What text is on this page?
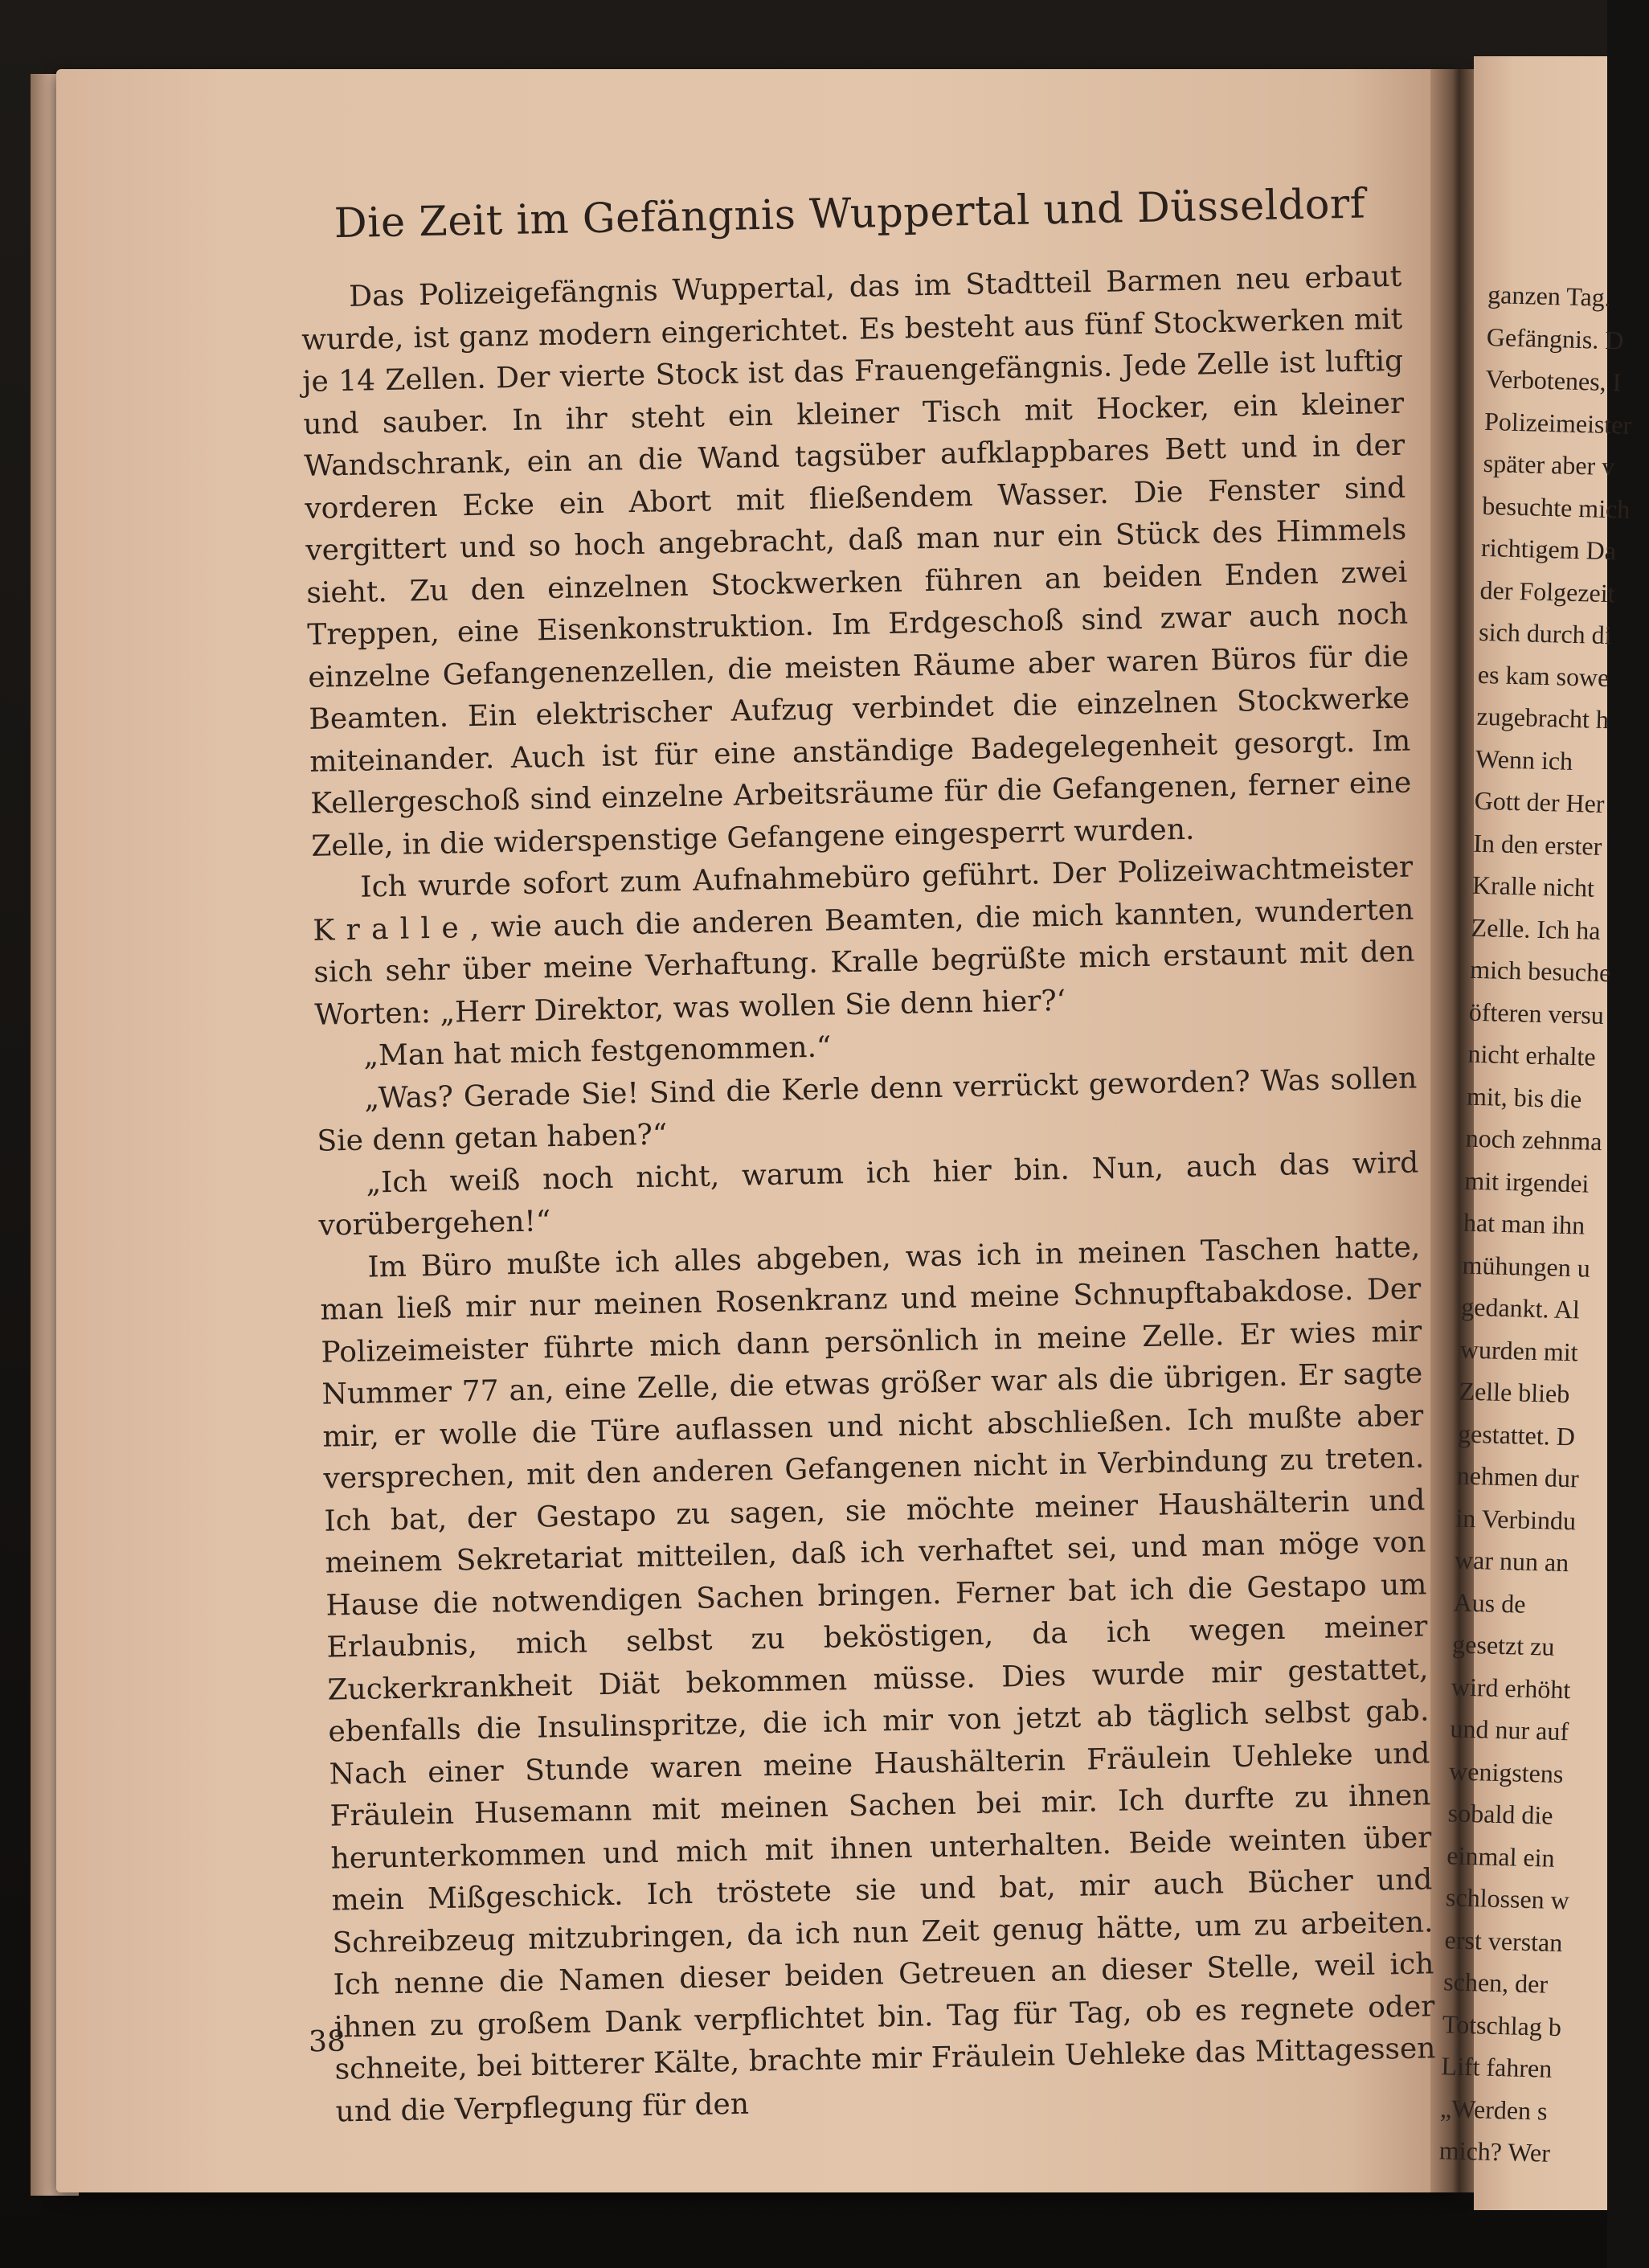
Die Zeit im Gefängnis Wuppertal und Düsseldorf

Das Polizeigefängnis Wuppertal, das im Stadtteil Barmen neu erbaut wurde, ist ganz modern eingerichtet. Es besteht aus fünf Stockwerken mit je 14 Zellen. Der vierte Stock ist das Frauengefängnis. Jede Zelle ist luftig und sauber. In ihr steht ein kleiner Tisch mit Hocker, ein kleiner Wandschrank, ein an die Wand tagsüber aufklappbares Bett und in der vorderen Ecke ein Abort mit fließendem Wasser. Die Fenster sind vergittert und so hoch angebracht, daß man nur ein Stück des Himmels sieht. Zu den einzelnen Stockwerken führen an beiden Enden zwei Treppen, eine Eisenkonstruktion. Im Erdgeschoß sind zwar auch noch einzelne Gefangenenzellen, die meisten Räume aber waren Büros für die Beamten. Ein elektrischer Aufzug verbindet die einzelnen Stockwerke miteinander. Auch ist für eine anständige Badegelegenheit gesorgt. Im Kellergeschoß sind einzelne Arbeitsräume für die Gefangenen, ferner eine Zelle, in die widerspenstige Gefangene eingesperrt wurden.

Ich wurde sofort zum Aufnahmebüro geführt. Der Polizeiwachtmeister K r a l l e , wie auch die anderen Beamten, die mich kannten, wunderten sich sehr über meine Verhaftung. Kralle begrüßte mich erstaunt mit den Worten: „Herr Direktor, was wollen Sie denn hier?‘

„Man hat mich festgenommen.“

„Was? Gerade Sie! Sind die Kerle denn verrückt geworden? Was sollen Sie denn getan haben?“

„Ich weiß noch nicht, warum ich hier bin. Nun, auch das wird vorübergehen!“

Im Büro mußte ich alles abgeben, was ich in meinen Taschen hatte, man ließ mir nur meinen Rosenkranz und meine Schnupftabakdose. Der Polizeimeister führte mich dann persönlich in meine Zelle. Er wies mir Nummer 77 an, eine Zelle, die etwas größer war als die übrigen. Er sagte mir, er wolle die Türe auflassen und nicht abschließen. Ich mußte aber versprechen, mit den anderen Gefangenen nicht in Verbindung zu treten. Ich bat, der Gestapo zu sagen, sie möchte meiner Haushälterin und meinem Sekretariat mitteilen, daß ich verhaftet sei, und man möge von Hause die notwendigen Sachen bringen. Ferner bat ich die Gestapo um Erlaubnis, mich selbst zu beköstigen, da ich wegen meiner Zuckerkrankheit Diät bekommen müsse. Dies wurde mir gestattet, ebenfalls die Insulinspritze, die ich mir von jetzt ab täglich selbst gab. Nach einer Stunde waren meine Haushälterin Fräulein Uehleke und Fräulein Husemann mit meinen Sachen bei mir. Ich durfte zu ihnen herunterkommen und mich mit ihnen unterhalten. Beide weinten über mein Mißgeschick. Ich tröstete sie und bat, mir auch Bücher und Schreibzeug mitzubringen, da ich nun Zeit genug hätte, um zu arbeiten. Ich nenne die Namen dieser beiden Getreuen an dieser Stelle, weil ich ihnen zu großem Dank verpflichtet bin. Tag für Tag, ob es regnete oder schneite, bei bitterer Kälte, brachte mir Fräulein Uehleke das Mittagessen und die Verpflegung für den

38
ganzen Tag.
Gefängnis. D
Verbotenes, I
Polizeimeister
später aber v
besuchte mich
richtigem Da
der Folgezeit
sich durch di
es kam sowe
zugebracht h
Wenn ich
Gott der Her
In den erster
Kralle nicht
Zelle. Ich ha
mich besuche
öfteren versu
nicht erhalte
mit, bis die
noch zehnma
mit irgendei
hat man ihn
mühungen u
gedankt. Al
wurden mit
Zelle blieb
gestattet. D
nehmen dur
in Verbindu
war nun an
Aus de
gesetzt zu
wird erhöht
und nur auf
wenigstens
sobald die
einmal ein
schlossen w
erst verstan
schen, der
Totschlag b
Lift fahren
„Werden s
mich? Wer
